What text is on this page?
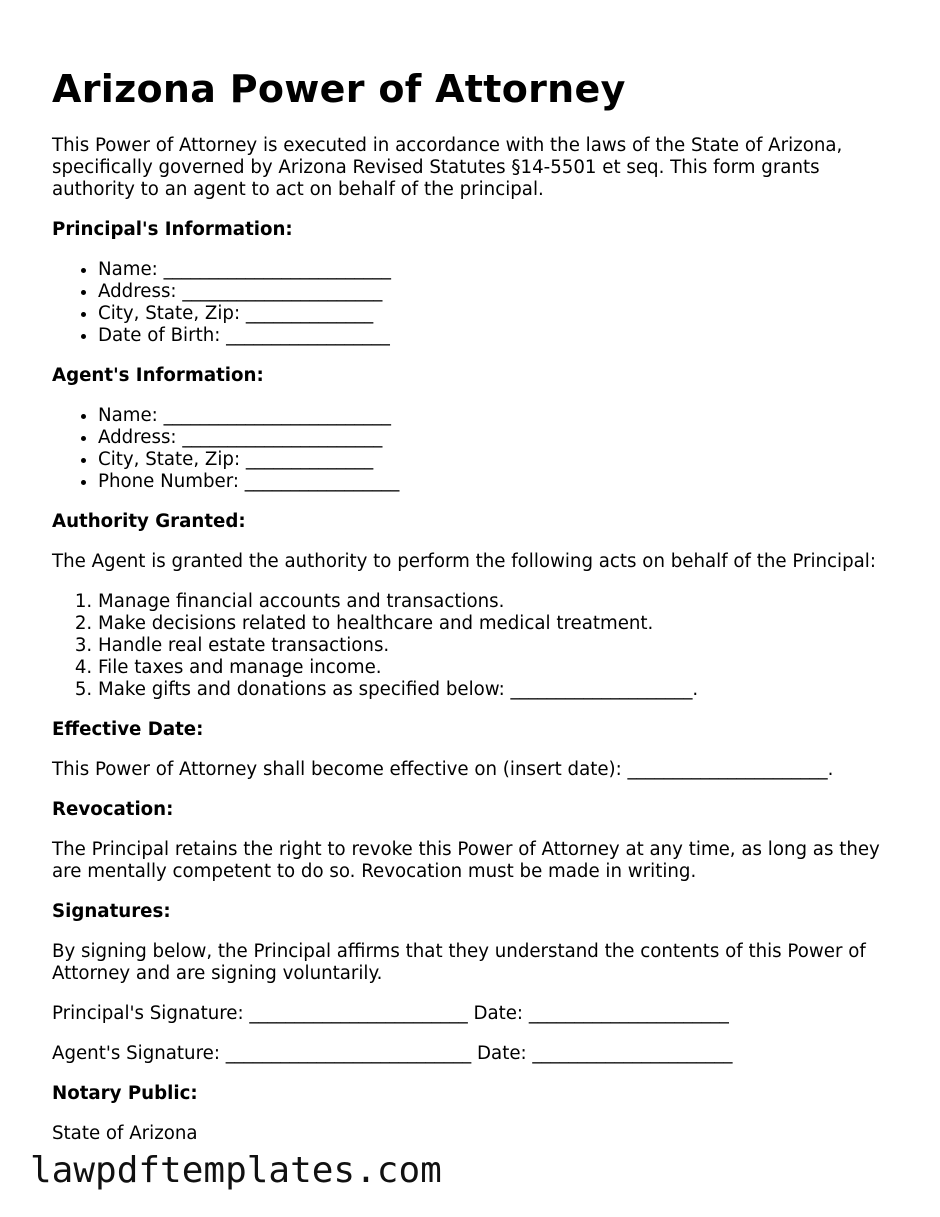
Arizona Power of Attorney

This Power of Attorney is executed in accordance with the laws of the State of Arizona, specifically governed by Arizona Revised Statutes §14-5501 et seq. This form grants authority to an agent to act on behalf of the principal.

Principal's Information:
• Name: _________________________
• Address: ______________________
• City, State, Zip: ______________
• Date of Birth: __________________
Agent's Information:
• Name: _________________________
• Address: ______________________
• City, State, Zip: ______________
• Phone Number: _________________
Authority Granted:

The Agent is granted the authority to perform the following acts on behalf of the Principal:

1. Manage financial accounts and transactions.
2. Make decisions related to healthcare and medical treatment.
3. Handle real estate transactions.
4. File taxes and manage income.
5. Make gifts and donations as specified below: ____________________.
Effective Date:

This Power of Attorney shall become effective on (insert date): ______________________.

Revocation:

The Principal retains the right to revoke this Power of Attorney at any time, as long as they are mentally competent to do so. Revocation must be made in writing.

Signatures:

By signing below, the Principal affirms that they understand the contents of this Power of Attorney and are signing voluntarily.

Principal's Signature: ________________________ Date: ______________________

Agent's Signature: ___________________________ Date: ______________________

Notary Public:

State of Arizona

lawpdftemplates.com
